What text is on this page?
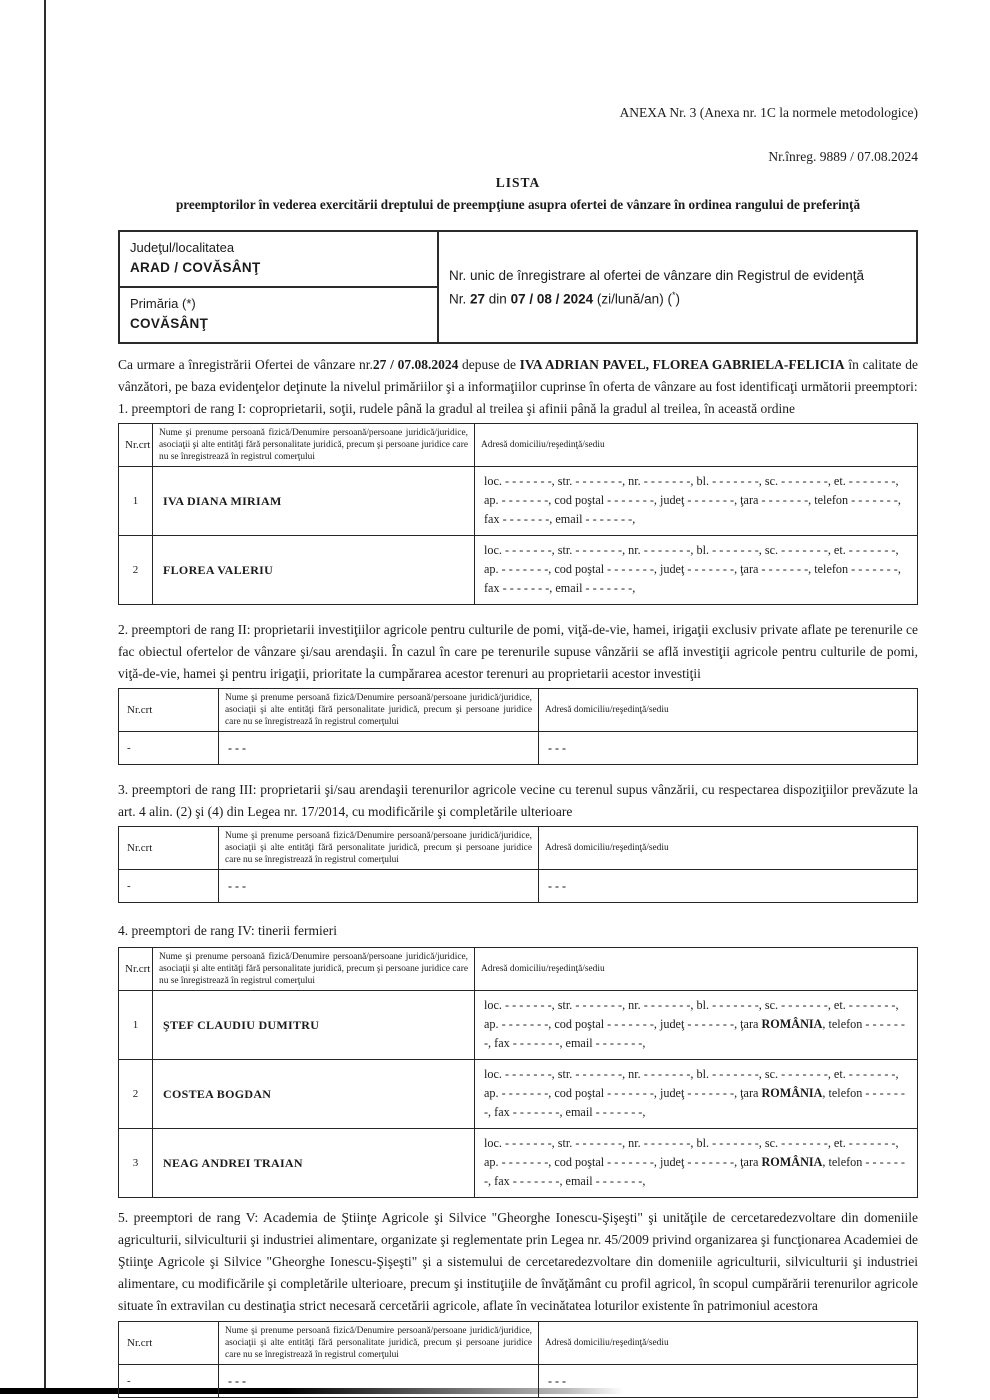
ANEXA Nr. 3 (Anexa nr. 1C la normele metodologice)
Nr.înreg. 9889 / 07.08.2024
LISTA
preemptorilor în vederea exercitării dreptului de preempţiune asupra ofertei de vânzare în ordinea rangului de preferinţă
Judeţul/localitatea
ARAD / COVĂSÂNŢ
Primăria (*)
COVĂSÂNŢ
Nr. unic de înregistrare al ofertei de vânzare din Registrul de evidenţă
Nr. 27 din 07 / 08 / 2024 (zi/lună/an) (*)
Ca urmare a înregistrării Ofertei de vânzare nr.27 / 07.08.2024 depuse de IVA ADRIAN PAVEL, FLOREA GABRIELA-FELICIA în calitate de vânzători, pe baza evidenţelor deţinute la nivelul primăriilor şi a informaţiilor cuprinse în oferta de vânzare au fost identificaţi următorii preemptori:
1. preemptori de rang I: coproprietarii, soţii, rudele până la gradul al treilea şi afinii până la gradul al treilea, în această ordine
Nr.crt	Nume şi prenume persoană fizică/Denumire persoană/persoane juridică/juridice, asociaţii şi alte entităţi fără personalitate juridică, precum şi persoane juridice care nu se înregistrează în registrul comerţului	Adresă domiciliu/reşedinţă/sediu
1	IVA DIANA MIRIAM	loc. - - - - - - -, str. - - - - - - -, nr. - - - - - - -, bl. - - - - - - -, sc. - - - - - - -, et. - - - - - - -, ap. - - - - - - -, cod poştal - - - - - - -, judeţ - - - - - - -, ţara - - - - - - -, telefon - - - - - - -, fax - - - - - - -, email - - - - - - -,
2	FLOREA VALERIU	loc. - - - - - - -, str. - - - - - - -, nr. - - - - - - -, bl. - - - - - - -, sc. - - - - - - -, et. - - - - - - -, ap. - - - - - - -, cod poştal - - - - - - -, judeţ - - - - - - -, ţara - - - - - - -, telefon - - - - - - -, fax - - - - - - -, email - - - - - - -,
2. preemptori de rang II: proprietarii investiţiilor agricole pentru culturile de pomi, viţă-de-vie, hamei, irigaţii exclusiv private aflate pe terenurile ce fac obiectul ofertelor de vânzare şi/sau arendaşii. În cazul în care pe terenurile supuse vânzării se află investiţii agricole pentru culturile de pomi, viţă-de-vie, hamei şi pentru irigaţii, prioritate la cumpărarea acestor terenuri au proprietarii acestor investiţii
Nr.crt	Nume şi prenume persoană fizică/Denumire persoană/persoane juridică/juridice, asociaţii şi alte entităţi fără personalitate juridică, precum şi persoane juridice care nu se înregistrează în registrul comerţului	Adresă domiciliu/reşedinţă/sediu
-	- - -	- - -
3. preemptori de rang III: proprietarii şi/sau arendaşii terenurilor agricole vecine cu terenul supus vânzării, cu respectarea dispoziţiilor prevăzute la art. 4 alin. (2) şi (4) din Legea nr. 17/2014, cu modificările şi completările ulterioare
Nr.crt	Nume şi prenume persoană fizică/Denumire persoană/persoane juridică/juridice, asociaţii şi alte entităţi fără personalitate juridică, precum şi persoane juridice care nu se înregistrează în registrul comerţului	Adresă domiciliu/reşedinţă/sediu
-	- - -	- - -
4. preemptori de rang IV: tinerii fermieri
Nr.crt	Nume şi prenume persoană fizică/Denumire persoană/persoane juridică/juridice, asociaţii şi alte entităţi fără personalitate juridică, precum şi persoane juridice care nu se înregistrează în registrul comerţului	Adresă domiciliu/reşedinţă/sediu
1	ŞTEF CLAUDIU DUMITRU	loc. - - - - - - -, str. - - - - - - -, nr. - - - - - - -, bl. - - - - - - -, sc. - - - - - - -, et. - - - - - - -, ap. - - - - - - -, cod poştal - - - - - - -, judeţ - - - - - - -, ţara ROMÂNIA, telefon - - - - - - -, fax - - - - - - -, email - - - - - - -,
2	COSTEA BOGDAN	loc. - - - - - - -, str. - - - - - - -, nr. - - - - - - -, bl. - - - - - - -, sc. - - - - - - -, et. - - - - - - -, ap. - - - - - - -, cod poştal - - - - - - -, judeţ - - - - - - -, ţara ROMÂNIA, telefon - - - - - - -, fax - - - - - - -, email - - - - - - -,
3	NEAG ANDREI TRAIAN	loc. - - - - - - -, str. - - - - - - -, nr. - - - - - - -, bl. - - - - - - -, sc. - - - - - - -, et. - - - - - - -, ap. - - - - - - -, cod poştal - - - - - - -, judeţ - - - - - - -, ţara ROMÂNIA, telefon - - - - - - -, fax - - - - - - -, email - - - - - - -,
5. preemptori de rang V: Academia de Ştiinţe Agricole şi Silvice "Gheorghe Ionescu-Şişeşti" şi unităţile de cercetaredezvoltare din domeniile agriculturii, silviculturii şi industriei alimentare, organizate şi reglementate prin Legea nr. 45/2009 privind organizarea şi funcţionarea Academiei de Ştiinţe Agricole şi Silvice "Gheorghe Ionescu-Şişeşti" şi a sistemului de cercetaredezvoltare din domeniile agriculturii, silviculturii şi industriei alimentare, cu modificările şi completările ulterioare, precum şi instituţiile de învăţământ cu profil agricol, în scopul cumpărării terenurilor agricole situate în extravilan cu destinaţia strict necesară cercetării agricole, aflate în vecinătatea loturilor existente în patrimoniul acestora
Nr.crt	Nume şi prenume persoană fizică/Denumire persoană/persoane juridică/juridice, asociaţii şi alte entităţi fără personalitate juridică, precum şi persoane juridice care nu se înregistrează în registrul comerţului	Adresă domiciliu/reşedinţă/sediu
-	- - -	- - -
